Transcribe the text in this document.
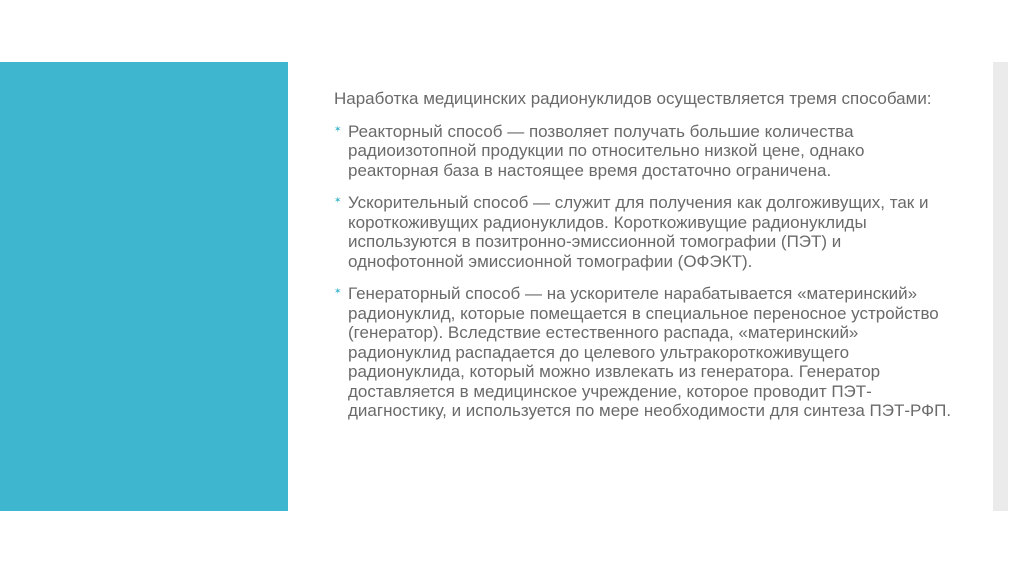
Наработка медицинских радионуклидов осуществляется тремя способами:

✶ Реакторный способ — позволяет получать большие количества радиоизотопной продукции по относительно низкой цене, однако реакторная база в настоящее время достаточно ограничена.
✶ Ускорительный способ — служит для получения как долгоживущих, так и короткоживущих радионуклидов. Короткоживущие радионуклиды используются в позитронно-эмиссионной томографии (ПЭТ) и однофотонной эмиссионной томографии (ОФЭКТ).
✶ Генераторный способ — на ускорителе нарабатывается «материнский» радионуклид, которые помещается в специальное переносное устройство (генератор). Вследствие естественного распада, «материнский» радионуклид распадается до целевого ультракороткоживущего радионуклида, который можно извлекать из генератора. Генератор доставляется в медицинское учреждение, которое проводит ПЭТ-диагностику, и используется по мере необходимости для синтеза ПЭТ-РФП.
